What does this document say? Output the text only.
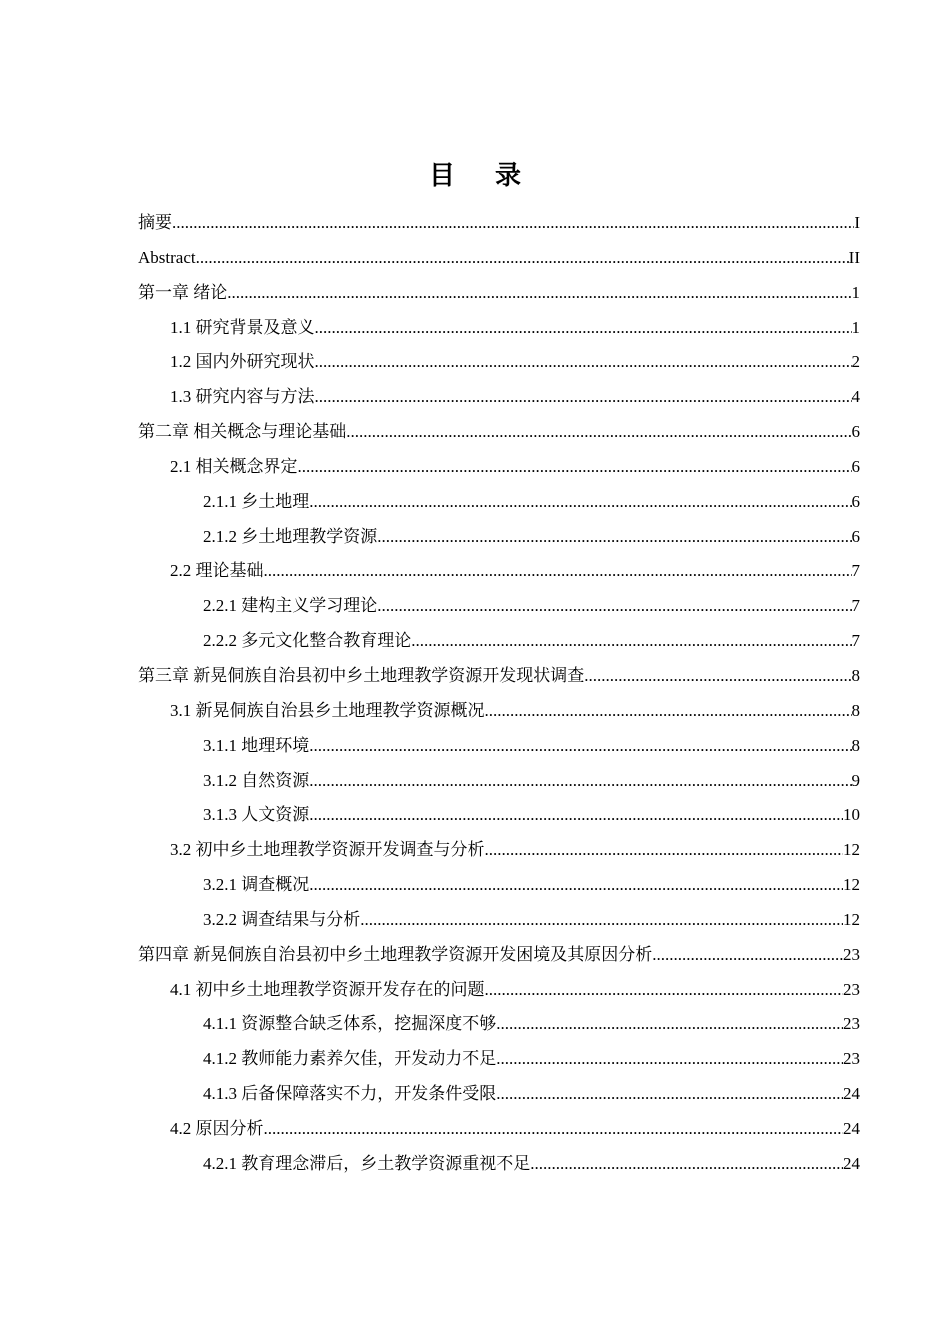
目录
摘要 .....	I
Abstract .....	II
第一章 绪论 .....	1
1.1 研究背景及意义 .....	1
1.2 国内外研究现状 .....	2
1.3 研究内容与方法 .....	4
第二章 相关概念与理论基础 .....	6
2.1 相关概念界定 .....	6
2.1.1 乡土地理 .....	6
2.1.2 乡土地理教学资源 .....	6
2.2 理论基础 .....	7
2.2.1 建构主义学习理论 .....	7
2.2.2 多元文化整合教育理论 .....	7
第三章 新晃侗族自治县初中乡土地理教学资源开发现状调查 .....	8
3.1 新晃侗族自治县乡土地理教学资源概况 .....	8
3.1.1 地理环境 .....	8
3.1.2 自然资源 .....	9
3.1.3 人文资源 .....	10
3.2 初中乡土地理教学资源开发调查与分析 .....	12
3.2.1 调查概况 .....	12
3.2.2 调查结果与分析 .....	12
第四章 新晃侗族自治县初中乡土地理教学资源开发困境及其原因分析 .....	23
4.1 初中乡土地理教学资源开发存在的问题 .....	23
4.1.1 资源整合缺乏体系，挖掘深度不够 .....	23
4.1.2 教师能力素养欠佳，开发动力不足 .....	23
4.1.3 后备保障落实不力，开发条件受限 .....	24
4.2 原因分析 .....	24
4.2.1 教育理念滞后，乡土教学资源重视不足 .....	24
